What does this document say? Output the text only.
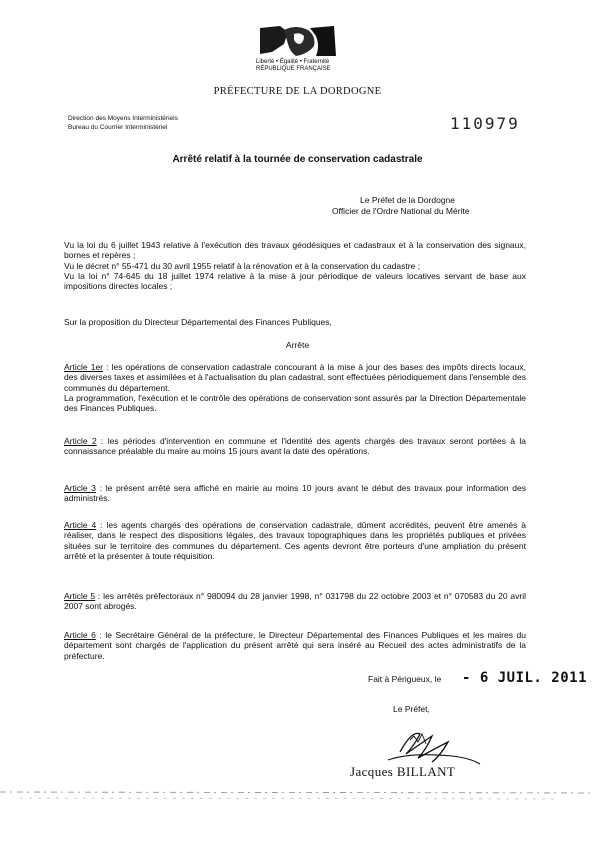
Liberté • Égalité • Fraternité
RÉPUBLIQUE FRANÇAISE
PRÉFECTURE DE LA DORDOGNE
Direction des Moyens Interministériels
Bureau du Courrier Interministériel	110979
Arrêté relatif à la tournée de conservation cadastrale
Le Préfet de la Dordogne
Officier de l'Ordre National du Mérite

Vu la loi du 6 juillet 1943 relative à l'exécution des travaux géodésiques et cadastraux et à la conservation des signaux, bornes et repères ;

Vu le décret n° 55-471 du 30 avril 1955 relatif à la rénovation et à la conservation du cadastre ;

Vu la loi n° 74-645 du 18 juillet 1974 relative à la mise à jour périodique de valeurs locatives servant de base aux impositions directes locales ;

Sur la proposition du Directeur Départemental des Finances Publiques,
Arrête

Article 1er : les opérations de conservation cadastrale concourant à la mise à jour des bases des impôts directs locaux, des diverses taxes et assimilées et à l'actualisation du plan cadastral, sont effectuées périodiquement dans l'ensemble des communes du département.

La programmation, l'exécution et le contrôle des opérations de conservation sont assurés par la Direction Départementale des Finances Publiques.

Article 2 : les périodes d'intervention en commune et l'identité des agents chargés des travaux seront portées à la connaissance préalable du maire au moins 15 jours avant la date des opérations.

Article 3 : le présent arrêté sera affiché en mairie au moins 10 jours avant le début des travaux pour information des administrés.

Article 4 : les agents chargés des opérations de conservation cadastrale, dûment accrédités, peuvent être amenés à réaliser, dans le respect des dispositions légales, des travaux topographiques dans les propriétés publiques et privées situées sur le territoire des communes du département. Ces agents devront être porteurs d'une ampliation du présent arrêté et la présenter à toute réquisition.

Article 5 : les arrêtés préfectoraux n° 980094 du 28 janvier 1998, n° 031798 du 22 octobre 2003 et n° 070583 du 20 avril 2007 sont abrogés.

Article 6 : le Secrétaire Général de la préfecture, le Directeur Départemental des Finances Publiques et les maires du département sont chargés de l'application du présent arrêté qui sera inséré au Recueil des actes administratifs de la préfecture.

Fait à Périgueux, le - 6 JUIL. 2011
Le Préfet,
Jacques BILLANT
